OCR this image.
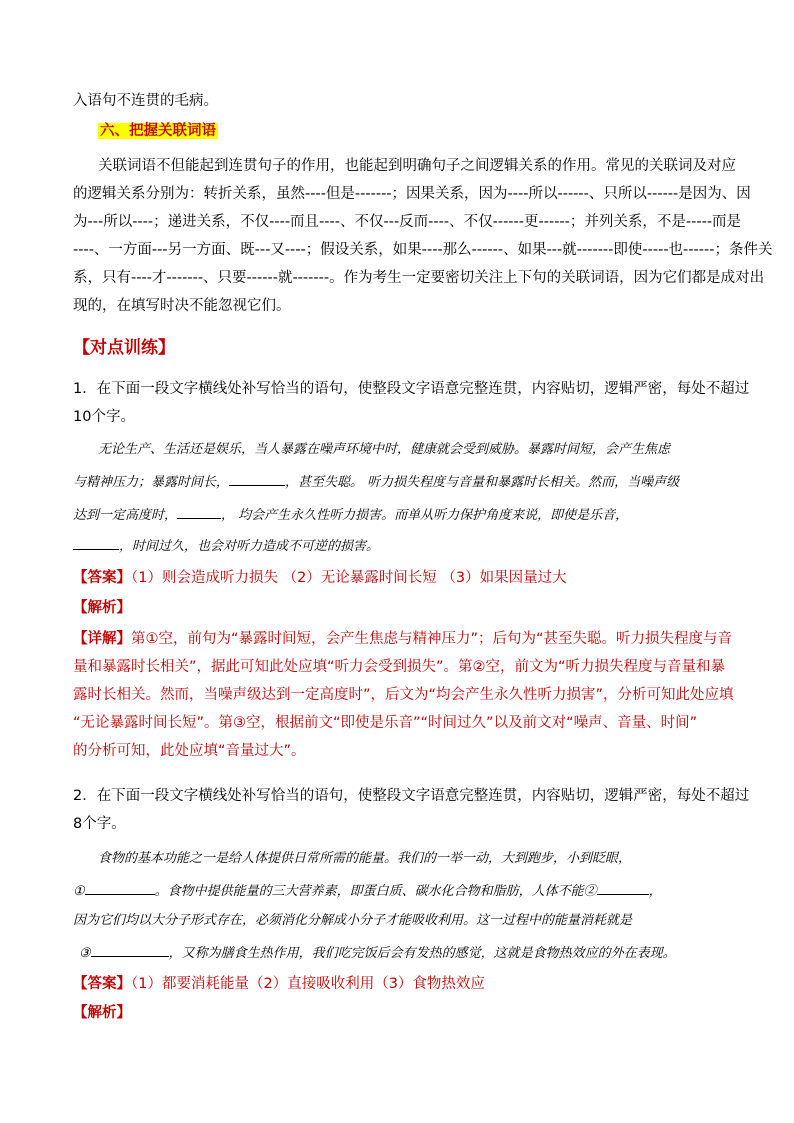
入语句不连贯的毛病。
六、把握关联词语
关联词语不但能起到连贯句子的作用，也能起到明确句子之间逻辑关系的作用。常见的关联词及对应
的逻辑关系分别为：转折关系，虽然----但是-------；因果关系，因为----所以------、只所以------是因为、因
为---所以----；递进关系，不仅----而且----、不仅---反而----、不仅------更------；并列关系，不是-----而是
----、一方面---另一方面、既---又----；假设关系，如果----那么------、如果---就-------即使-----也------；条件关
系，只有----才-------、只要------就-------。作为考生一定要密切关注上下句的关联词语，因为它们都是成对出
现的，在填写时决不能忽视它们。
【对点训练】
1．在下面一段文字横线处补写恰当的语句，使整段文字语意完整连贯，内容贴切，逻辑严密，每处不超过
10个字。
无论生产、生活还是娱乐，当人暴露在噪声环境中时，健康就会受到威胁。暴露时间短，会产生焦虑
与精神压力；暴露时间长，	，甚至失聪。 听力损失程度与音量和暴露时长相关。然而，当噪声级
达到一定高度时，	， 均会产生永久性听力损害。而单从听力保护角度来说，即使是乐音，
，时间过久，也会对听力造成不可逆的损害。
【答案】（1）则会造成听力损失 （2）无论暴露时间长短 （3）如果因量过大
【解析】
【详解】第①空，前句为“暴露时间短，会产生焦虑与精神压力”；后句为“甚至失聪。听力损失程度与音
量和暴露时长相关”，据此可知此处应填“听力会受到损失”。第②空，前文为“听力损失程度与音量和暴
露时长相关。然而，当噪声级达到一定高度时”，后文为“均会产生永久性听力损害”，分析可知此处应填
“无论暴露时间长短”。第③空，根据前文“即使是乐音”“时间过久”以及前文对“噪声、音量、时间”
的分析可知，此处应填“音量过大”。
2．在下面一段文字横线处补写恰当的语句，使整段文字语意完整连贯，内容贴切，逻辑严密，每处不超过
8个字。
食物的基本功能之一是给人体提供日常所需的能量。我们的一举一动，大到跑步，小到眨眼，
①	。食物中提供能量的三大营养素，即蛋白质、碳水化合物和脂肪，人体不能②	，
因为它们均以大分子形式存在，必须消化分解成小分子才能吸收利用。这一过程中的能量消耗就是
③	，又称为膳食生热作用，我们吃完饭后会有发热的感觉，这就是食物热效应的外在表现。
【答案】（1）都要消耗能量（2）直接吸收利用（3）食物热效应
【解析】
